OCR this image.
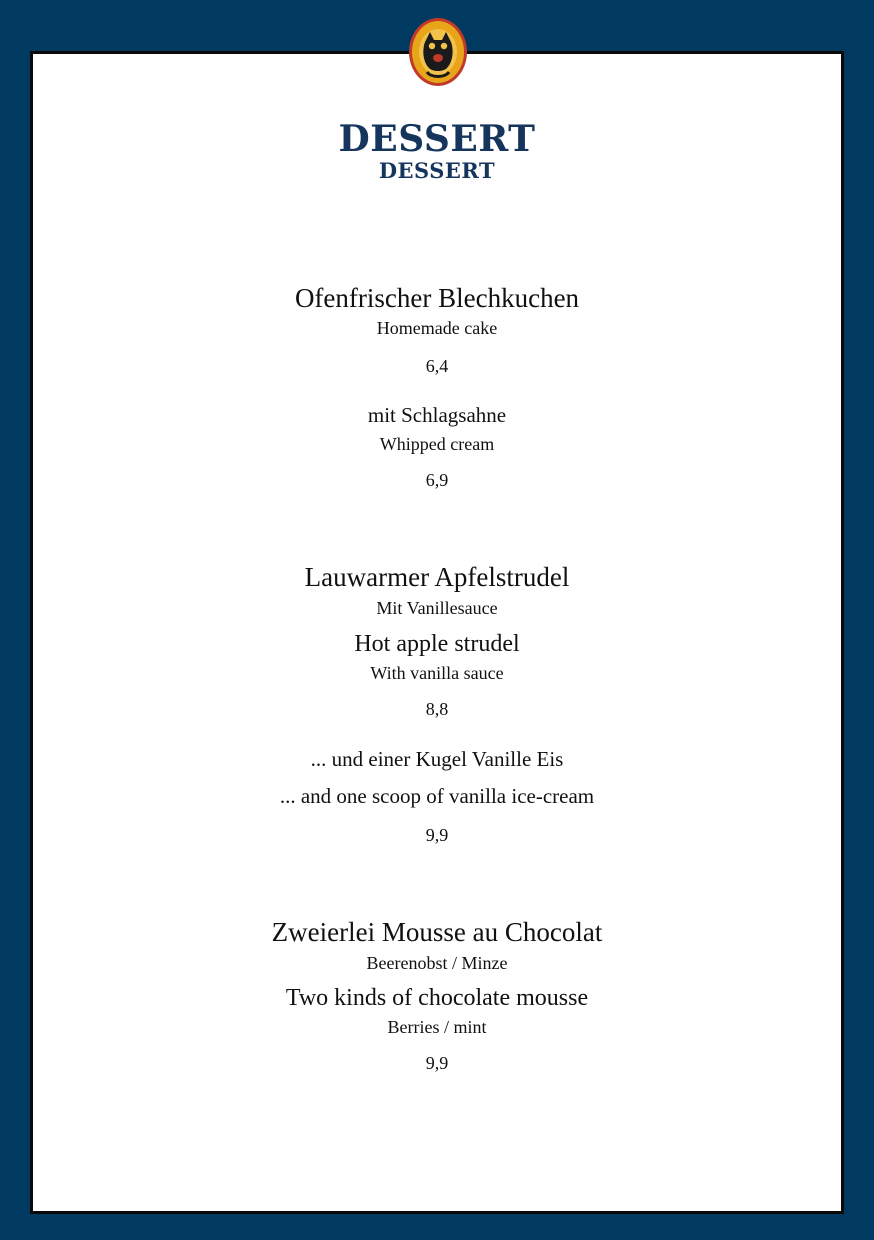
DESSERT
DESSERT
Ofenfrischer Blechkuchen
Homemade cake
6,4
mit Schlagsahne
Whipped cream
6,9
Lauwarmer Apfelstrudel
Mit Vanillesauce
Hot apple strudel
With vanilla sauce
8,8
... und einer Kugel Vanille Eis
... and one scoop of vanilla ice-cream
9,9
Zweierlei Mousse au Chocolat
Beerenobst / Minze
Two kinds of chocolate mousse
Berries / mint
9,9
